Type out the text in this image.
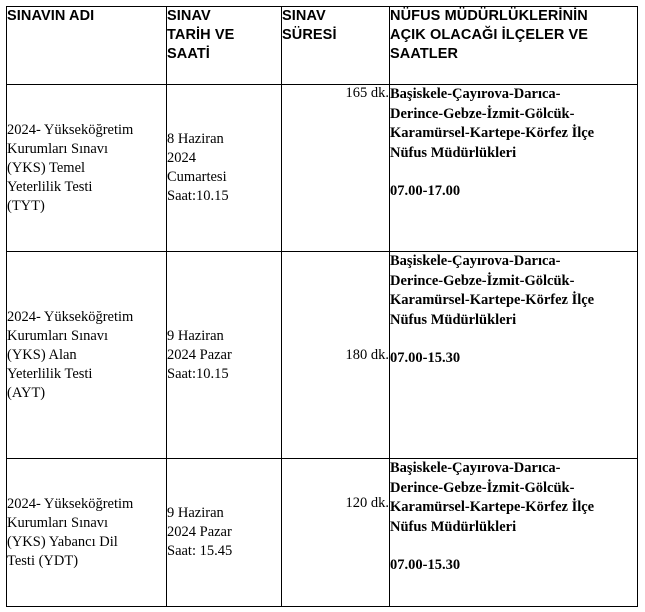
SINAVIN ADI	SINAV
TARİH VE
SAATİ	SINAV
SÜRESİ	NÜFUS MÜDÜRLÜKLERİNİN
AÇIK OLACAĞI İLÇELER VE
SAATLER

2024- Yükseköğretim
Kurumları Sınavı
(YKS) Temel
Yeterlilik Testi
(TYT)	8 Haziran
2024
Cumartesi
Saat:10.15	165 dk.	Başiskele-Çayırova-Darıca-
Derince-Gebze-İzmit-Gölcük-
Karamürsel-Kartepe-Körfez İlçe
Nüfus Müdürlükleri
07.00-17.00

2024- Yükseköğretim
Kurumları Sınavı
(YKS) Alan
Yeterlilik Testi
(AYT)	9 Haziran
2024 Pazar
Saat:10.15	180 dk.	Başiskele-Çayırova-Darıca-
Derince-Gebze-İzmit-Gölcük-
Karamürsel-Kartepe-Körfez İlçe
Nüfus Müdürlükleri
07.00-15.30

2024- Yükseköğretim
Kurumları Sınavı
(YKS) Yabancı Dil
Testi (YDT)	9 Haziran
2024 Pazar
Saat: 15.45	120 dk.	Başiskele-Çayırova-Darıca-
Derince-Gebze-İzmit-Gölcük-
Karamürsel-Kartepe-Körfez İlçe
Nüfus Müdürlükleri
07.00-15.30
